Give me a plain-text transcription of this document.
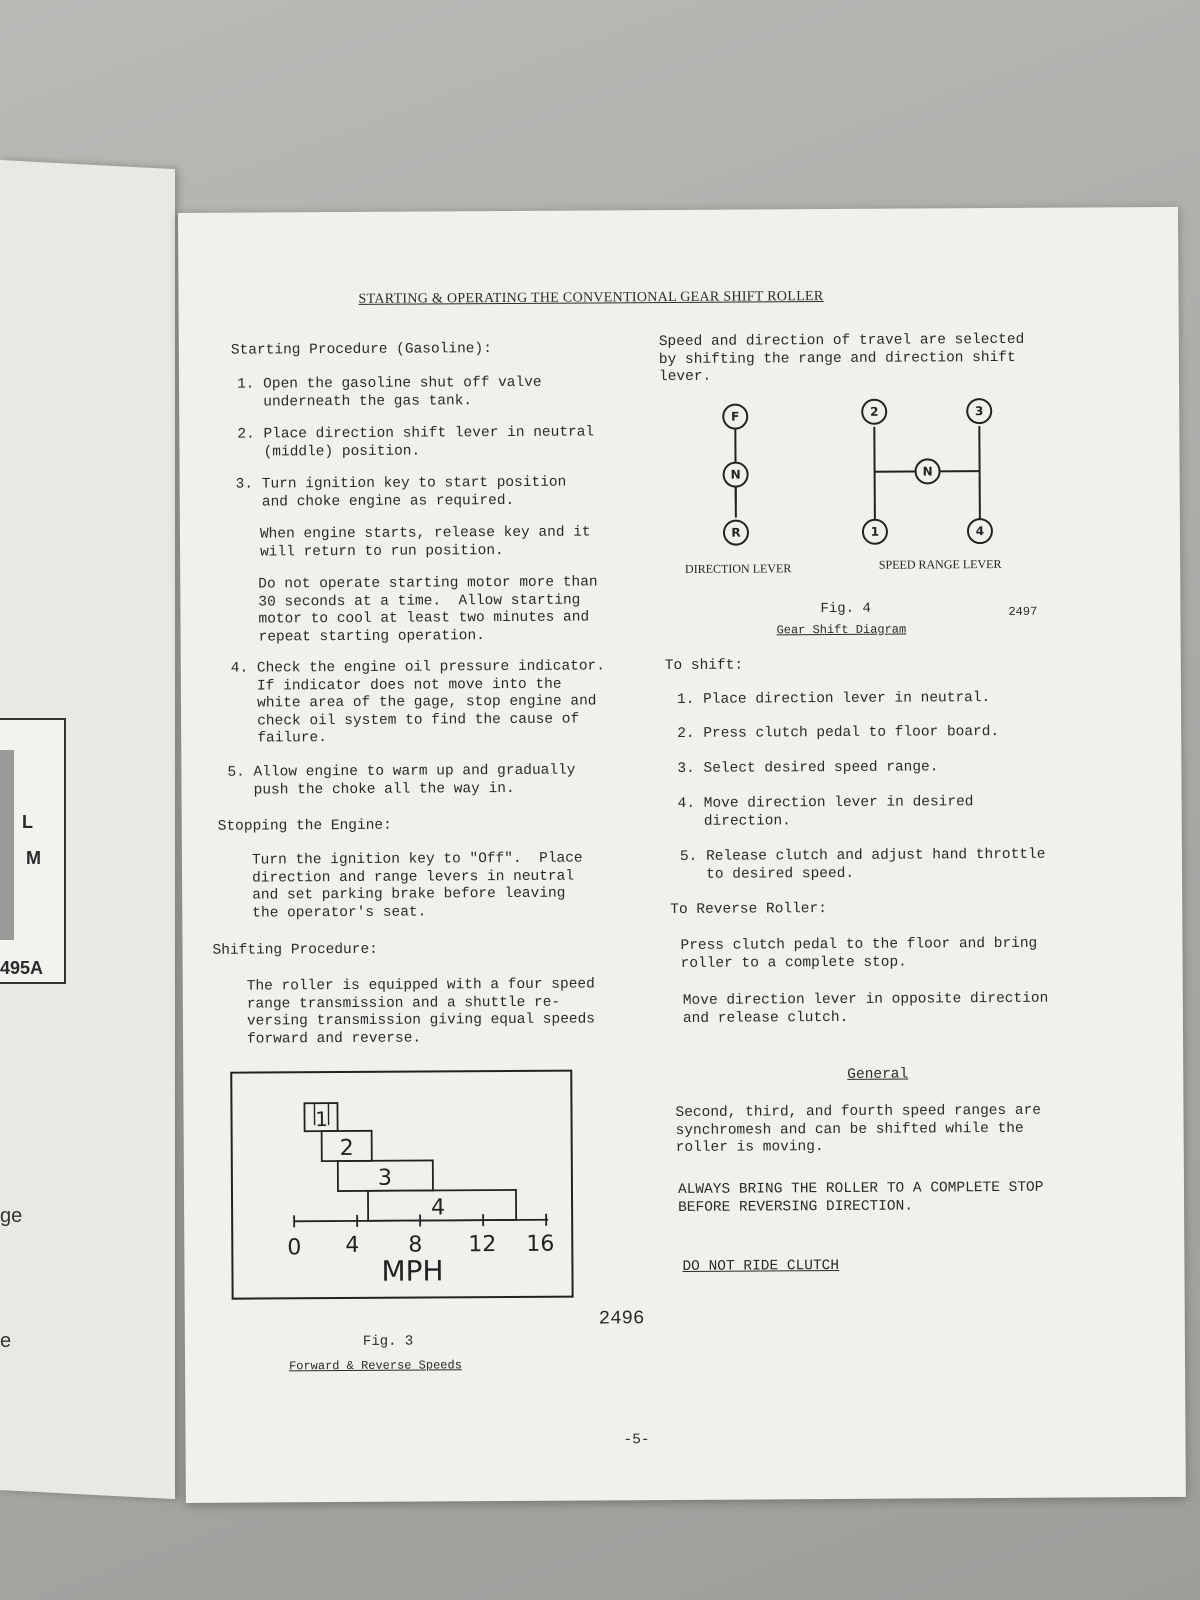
L
M
495A
ge
e
STARTING & OPERATING THE CONVENTIONAL GEAR SHIFT ROLLER
Starting Procedure (Gasoline):
1. Open the gasoline shut off valve
underneath the gas tank.
2. Place direction shift lever in neutral
(middle) position.
3. Turn ignition key to start position
and choke engine as required.
When engine starts, release key and it
will return to run position.
Do not operate starting motor more than
30 seconds at a time.  Allow starting
motor to cool at least two minutes and
repeat starting operation.
4. Check the engine oil pressure indicator.
If indicator does not move into the
white area of the gage, stop engine and
check oil system to find the cause of
failure.
5. Allow engine to warm up and gradually
push the choke all the way in.
Stopping the Engine:
Turn the ignition key to "Off".  Place
direction and range levers in neutral
and set parking brake before leaving
the operator's seat.
Shifting Procedure:
The roller is equipped with a four speed
range transmission and a shuttle re-
versing transmission giving equal speeds
forward and reverse.
1
2
3
4
0 4 8 12 16
MPH
2496
Fig. 3
Forward & Reverse Speeds
Speed and direction of travel are selected
by shifting the range and direction shift
lever.
F
N
R
2	3
N
1	4
DIRECTION LEVER	SPEED RANGE LEVER
Fig. 4
Gear Shift Diagram
2497
To shift:
1. Place direction lever in neutral.
2. Press clutch pedal to floor board.
3. Select desired speed range.
4. Move direction lever in desired
direction.
5. Release clutch and adjust hand throttle
to desired speed.
To Reverse Roller:
Press clutch pedal to the floor and bring
roller to a complete stop.
Move direction lever in opposite direction
and release clutch.
General
Second, third, and fourth speed ranges are
synchromesh and can be shifted while the
roller is moving.
ALWAYS BRING THE ROLLER TO A COMPLETE STOP
BEFORE REVERSING DIRECTION.
DO NOT RIDE CLUTCH
-5-
